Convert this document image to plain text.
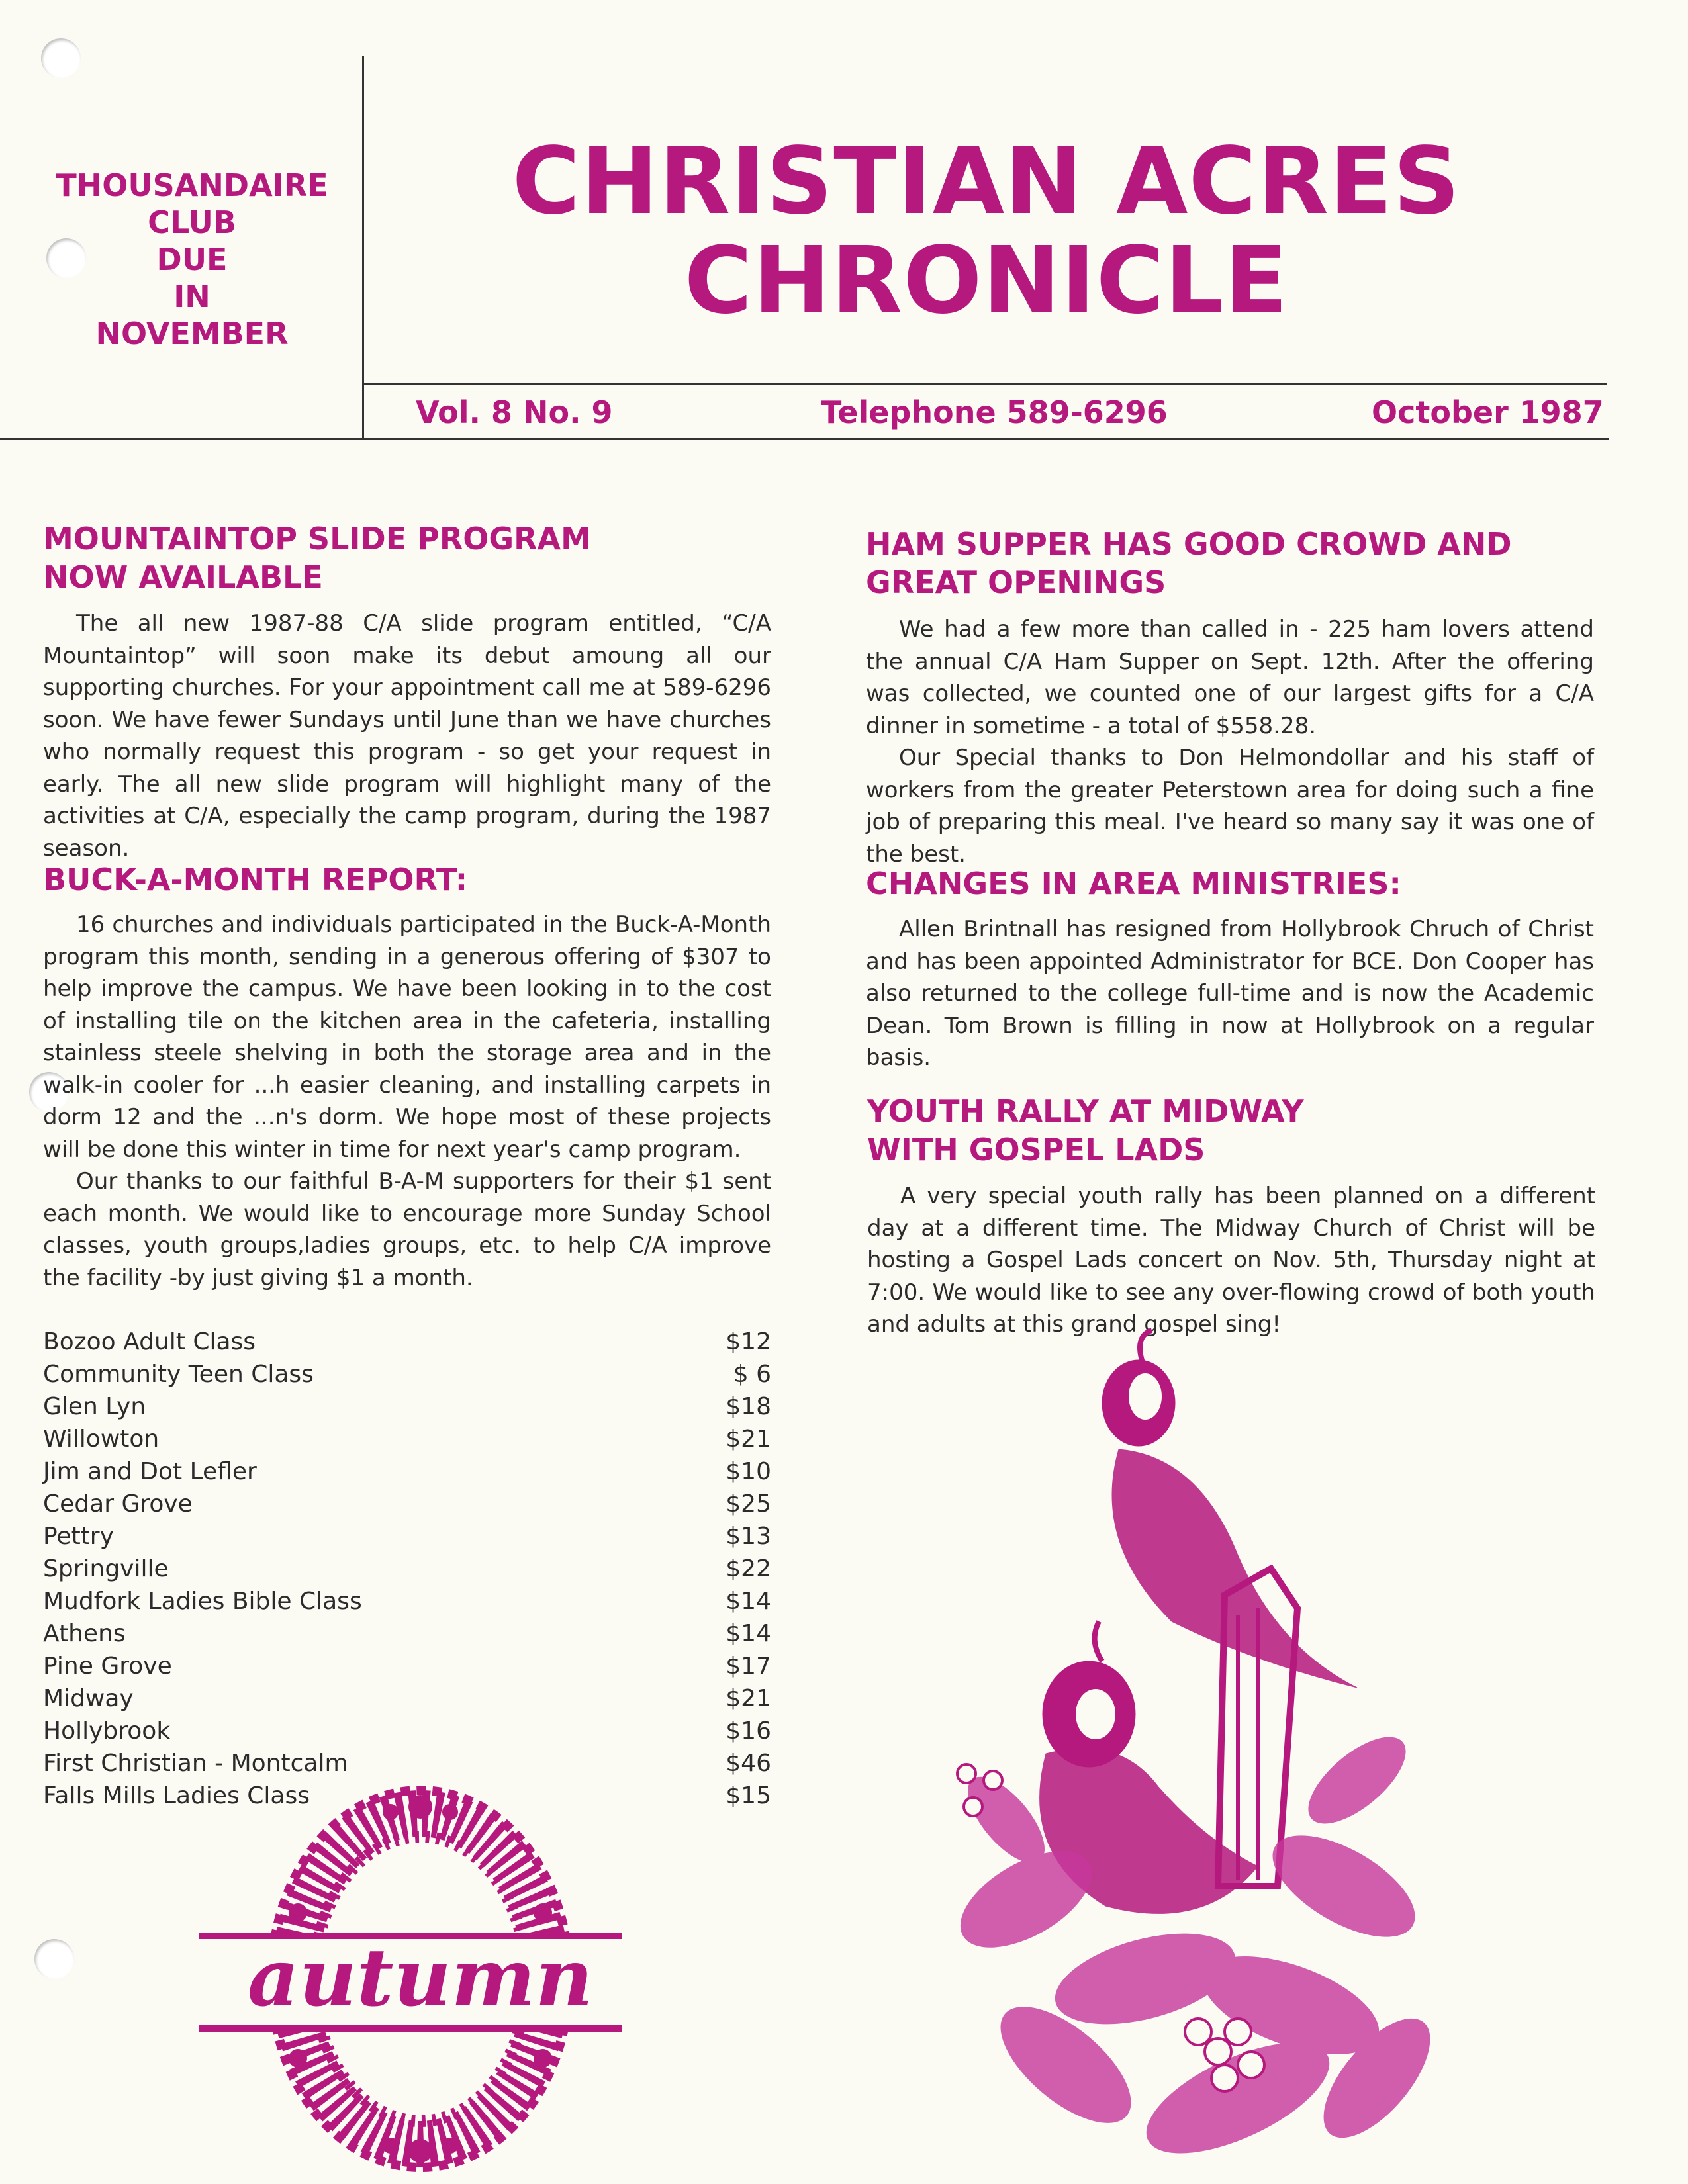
THOUSANDAIRE
CLUB
DUE
IN
NOVEMBER
CHRISTIAN ACRES
CHRONICLE
Vol. 8 No. 9	Telephone 589-6296	October 1987
MOUNTAINTOP SLIDE PROGRAM
NOW AVAILABLE

The all new 1987-88 C/A slide program entitled, “C/A Mountaintop” will soon make its debut amoung all our supporting churches. For your appointment call me at 589-6296 soon. We have fewer Sundays until June than we have churches who normally request this program - so get your request in early. The all new slide program will highlight many of the activities at C/A, especially the camp program, during the 1987 season.

BUCK-A-MONTH REPORT:

16 churches and individuals participated in the Buck-A-Month program this month, sending in a generous offering of $307 to help improve the campus. We have been looking in to the cost of installing tile on the kitchen area in the cafeteria, installing stainless steele shelving in both the storage area and in the walk-in cooler for ...h easier cleaning, and installing carpets in dorm 12 and the ...n's dorm. We hope most of these projects will be done this winter in time for next year's camp program.

Our thanks to our faithful B-A-M supporters for their $1 sent each month. We would like to encourage more Sunday School classes, youth groups,ladies groups, etc. to help C/A improve the facility -by just giving $1 a month.

Bozoo Adult Class	$12
Community Teen Class	$ 6
Glen Lyn	$18
Willowton	$21
Jim and Dot Lefler	$10
Cedar Grove	$25
Pettry	$13
Springville	$22
Mudfork Ladies Bible Class	$14
Athens	$14
Pine Grove	$17
Midway	$21
Hollybrook	$16
First Christian - Montcalm	$46
Falls Mills Ladies Class	$15
autumn
HAM SUPPER HAS GOOD CROWD AND
GREAT OPENINGS

We had a few more than called in - 225 ham lovers attend the annual C/A Ham Supper on Sept. 12th. After the offering was collected, we counted one of our largest gifts for a C/A dinner in sometime - a total of $558.28.

Our Special thanks to Don Helmondollar and his staff of workers from the greater Peterstown area for doing such a fine job of preparing this meal. I've heard so many say it was one of the best.

CHANGES IN AREA MINISTRIES:

Allen Brintnall has resigned from Hollybrook Chruch of Christ and has been appointed Administrator for BCE. Don Cooper has also returned to the college full-time and is now the Academic Dean. Tom Brown is filling in now at Hollybrook on a regular basis.

YOUTH RALLY AT MIDWAY
WITH GOSPEL LADS

A very special youth rally has been planned on a different day at a different time. The Midway Church of Christ will be hosting a Gospel Lads concert on Nov. 5th, Thursday night at 7:00. We would like to see any over-flowing crowd of both youth and adults at this grand gospel sing!
